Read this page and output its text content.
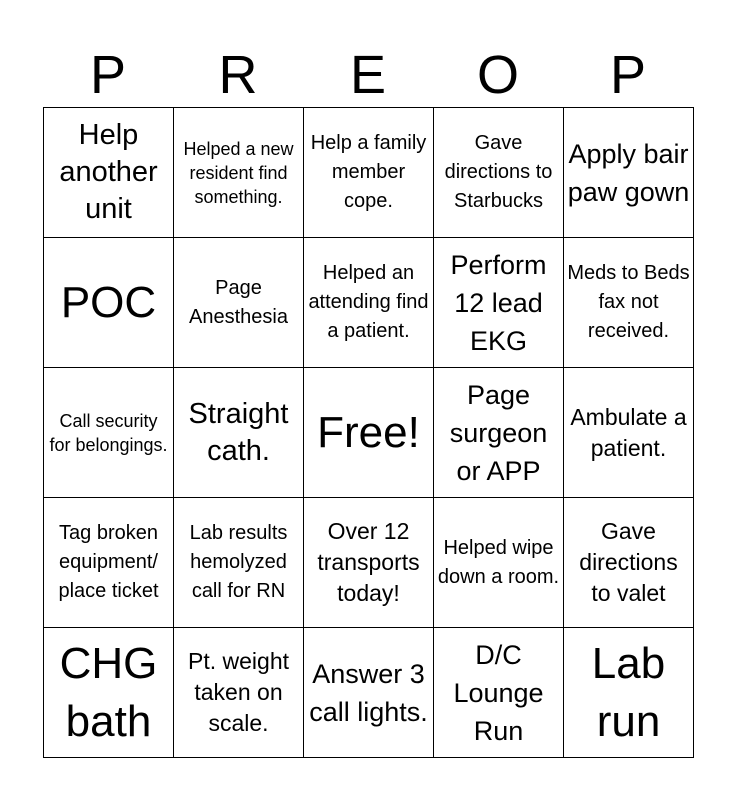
P	R	E	O	P
Help another unit	Helped a new resident find something.	Help a family member cope.	Gave directions to Starbucks	Apply bair paw gown

POC	Page Anesthesia	Helped an attending find a patient.	Perform 12 lead EKG	Meds to Beds fax not received.

Call security for belongings.	Straight cath.	Free!	Page surgeon or APP	Ambulate a patient.

Tag broken equipment/ place ticket	Lab results hemolyzed call for RN	Over 12 transports today!	Helped wipe down a room.	Gave directions to valet

CHG bath	Pt. weight taken on scale.	Answer 3 call lights.	D/C Lounge Run	Lab run
